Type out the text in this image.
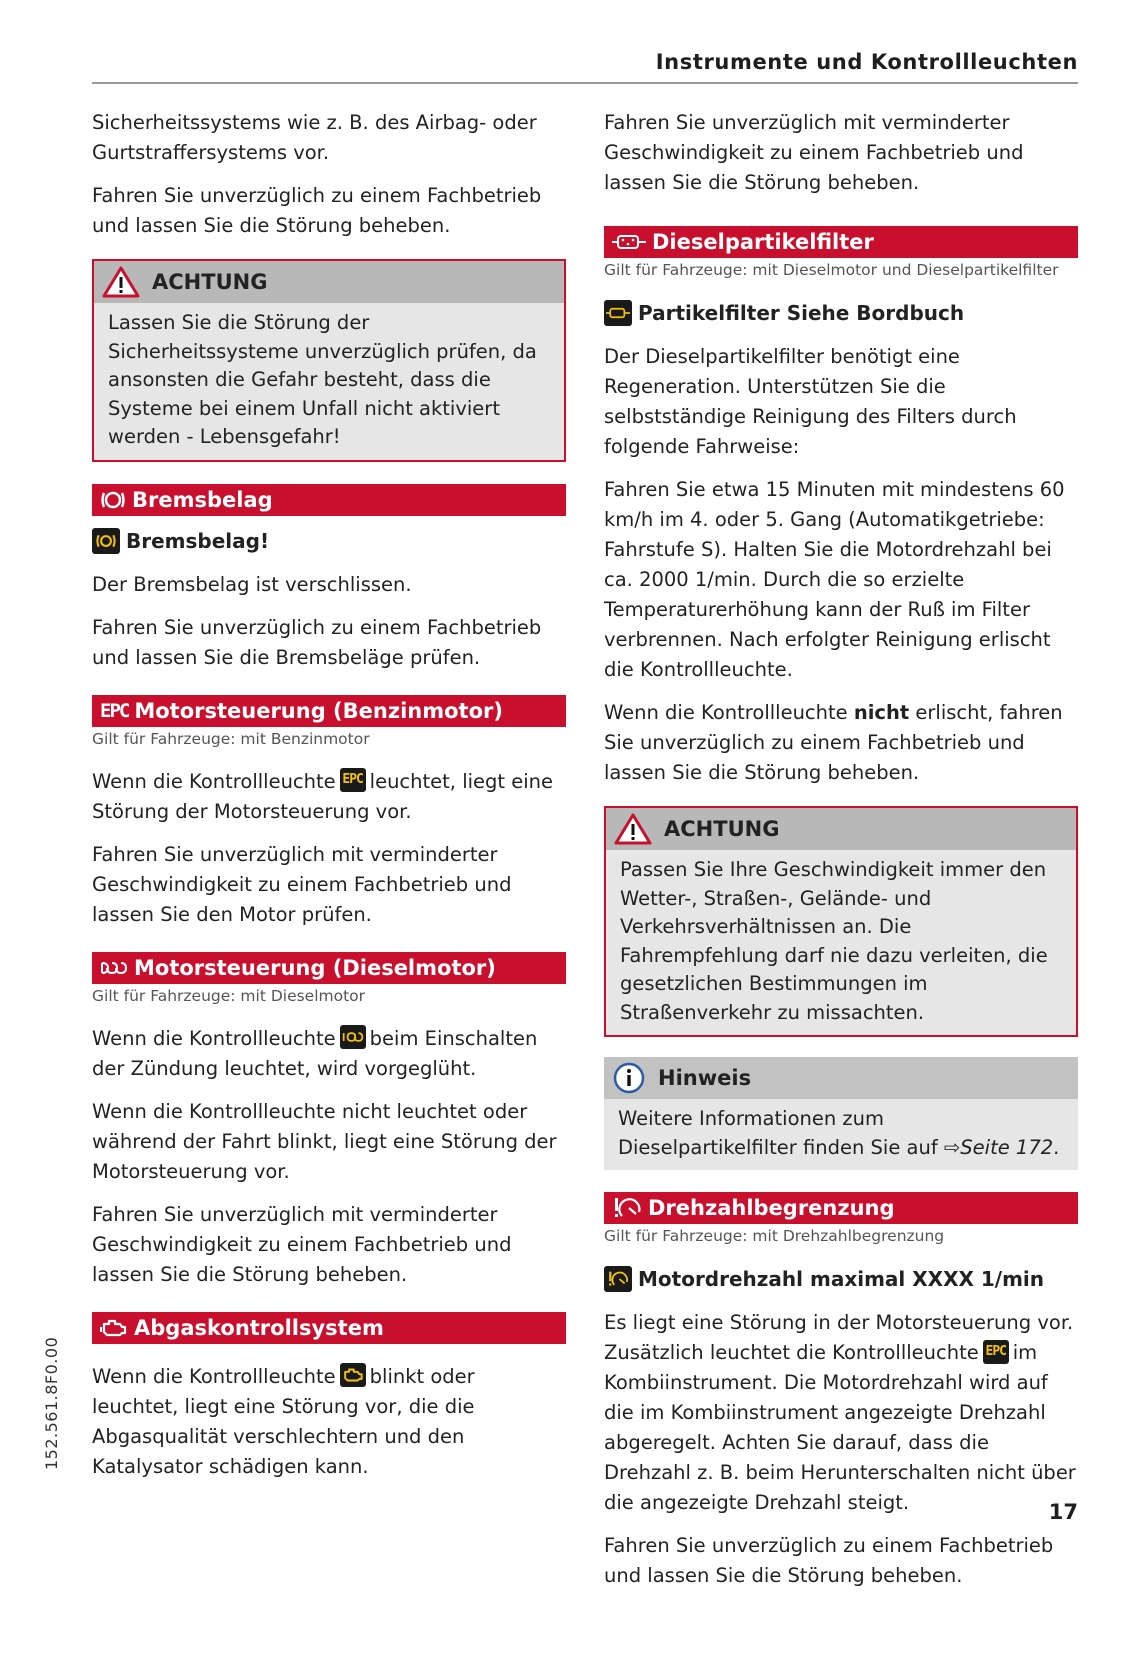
Instrumente und Kontrollleuchten

Sicherheitssystems wie z. B. des Airbag- oder Gurtstraffersystems vor.

Fahren Sie unverzüglich zu einem Fachbetrieb und lassen Sie die Störung beheben.

ACHTUNG
Lassen Sie die Störung der Sicherheitssysteme unverzüglich prüfen, da ansonsten die Gefahr besteht, dass die Systeme bei einem Unfall nicht aktiviert werden - Lebensgefahr!
Bremsbelag
Bremsbelag!

Der Bremsbelag ist verschlissen.

Fahren Sie unverzüglich zu einem Fachbetrieb und lassen Sie die Bremsbeläge prüfen.

EPC Motorsteuerung (Benzinmotor)
Gilt für Fahrzeuge: mit Benzinmotor

Wenn die Kontrollleuchte EPC leuchtet, liegt eine Störung der Motorsteuerung vor.

Fahren Sie unverzüglich mit verminderter Geschwindigkeit zu einem Fachbetrieb und lassen Sie den Motor prüfen.

Motorsteuerung (Dieselmotor)
Gilt für Fahrzeuge: mit Dieselmotor

Wenn die Kontrollleuchte beim Einschalten der Zündung leuchtet, wird vorgeglüht.

Wenn die Kontrollleuchte nicht leuchtet oder während der Fahrt blinkt, liegt eine Störung der Motorsteuerung vor.

Fahren Sie unverzüglich mit verminderter Geschwindigkeit zu einem Fachbetrieb und lassen Sie die Störung beheben.

Abgaskontrollsystem

Wenn die Kontrollleuchte blinkt oder leuchtet, liegt eine Störung vor, die die Abgasqualität verschlechtern und den Katalysator schädigen kann.

Fahren Sie unverzüglich mit verminderter Geschwindigkeit zu einem Fachbetrieb und lassen Sie die Störung beheben.

Dieselpartikelfilter
Gilt für Fahrzeuge: mit Dieselmotor und Dieselpartikelfilter
Partikelfilter Siehe Bordbuch

Der Dieselpartikelfilter benötigt eine Regeneration. Unterstützen Sie die selbstständige Reinigung des Filters durch folgende Fahrweise:

Fahren Sie etwa 15 Minuten mit mindestens 60 km/h im 4. oder 5. Gang (Automatikgetriebe: Fahrstufe S). Halten Sie die Motordrehzahl bei ca. 2000 1/min. Durch die so erzielte Temperaturerhöhung kann der Ruß im Filter verbrennen. Nach erfolgter Reinigung erlischt die Kontrollleuchte.

Wenn die Kontrollleuchte nicht erlischt, fahren Sie unverzüglich zu einem Fachbetrieb und lassen Sie die Störung beheben.

ACHTUNG
Passen Sie Ihre Geschwindigkeit immer den Wetter-, Straßen-, Gelände- und Verkehrsverhältnissen an. Die Fahrempfehlung darf nie dazu verleiten, die gesetzlichen Bestimmungen im Straßenverkehr zu missachten.
Hinweis
Weitere Informationen zum Dieselpartikelfilter finden Sie auf ⇨Seite 172.
Drehzahlbegrenzung
Gilt für Fahrzeuge: mit Drehzahlbegrenzung
Motordrehzahl maximal XXXX 1/min

Es liegt eine Störung in der Motorsteuerung vor. Zusätzlich leuchtet die Kontrollleuchte EPC im Kombiinstrument. Die Motordrehzahl wird auf die im Kombiinstrument angezeigte Drehzahl abgeregelt. Achten Sie darauf, dass die Drehzahl z. B. beim Herunterschalten nicht über die angezeigte Drehzahl steigt.

Fahren Sie unverzüglich zu einem Fachbetrieb und lassen Sie die Störung beheben.

152.561.8F0.00
17
